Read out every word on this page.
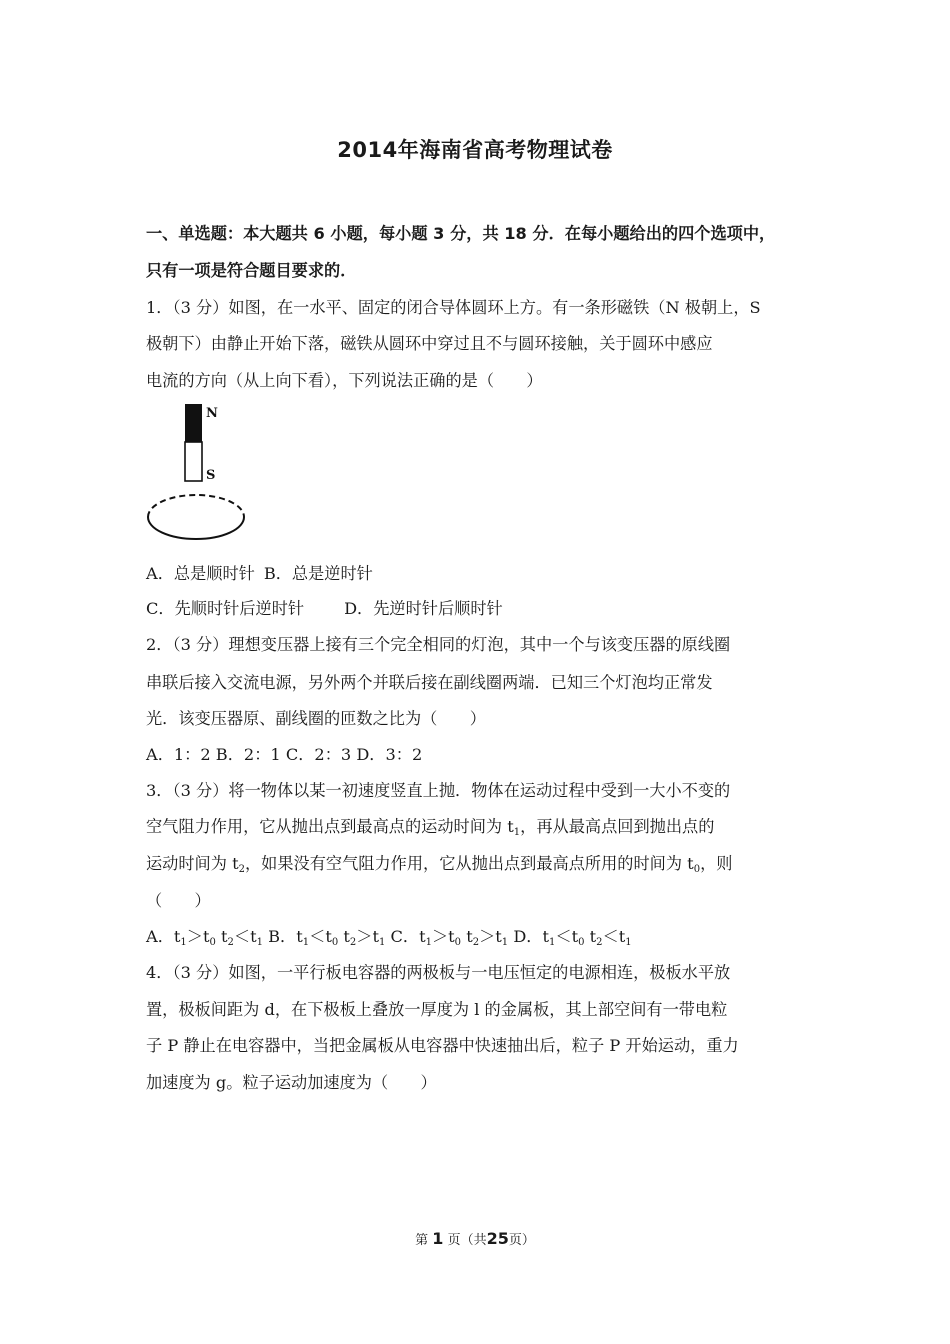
2014年海南省高考物理试卷
一、单选题：本大题共 6 小题，每小题 3 分，共 18 分．在每小题给出的四个选项中，
只有一项是符合题目要求的．
1．（3 分）如图，在一水平、固定的闭合导体圆环上方。有一条形磁铁（N 极朝上，S
极朝下）由静止开始下落，磁铁从圆环中穿过且不与圆环接触，关于圆环中感应
电流的方向（从上向下看），下列说法正确的是（　　）
N
S
A．总是顺时针 B．总是逆时针
C．先顺时针后逆时针 D．先逆时针后顺时针
2．（3 分）理想变压器上接有三个完全相同的灯泡，其中一个与该变压器的原线圈
串联后接入交流电源，另外两个并联后接在副线圈两端．已知三个灯泡均正常发
光．该变压器原、副线圈的匝数之比为（　　）
A．1：2 B．2：1 C．2：3 D．3：2
3．（3 分）将一物体以某一初速度竖直上抛．物体在运动过程中受到一大小不变的
空气阻力作用，它从抛出点到最高点的运动时间为 $t_1$，再从最高点回到抛出点的
运动时间为 $t_2$，如果没有空气阻力作用，它从抛出点到最高点所用的时间为 $t_0$，则
（　　）
A．$t_1>t_0$ $t_2<t_1$ B．$t_1<t_0$ $t_2>t_1$ C．$t_1>t_0$ $t_2>t_1$ D．$t_1<t_0$ $t_2<t_1$
4．（3 分）如图，一平行板电容器的两极板与一电压恒定的电源相连，极板水平放
置，极板间距为 d，在下极板上叠放一厚度为 l 的金属板，其上部空间有一带电粒
子 P 静止在电容器中，当把金属板从电容器中快速抽出后，粒子 P 开始运动，重力
加速度为 g。粒子运动加速度为（　　）
第 1 页（共25页）
